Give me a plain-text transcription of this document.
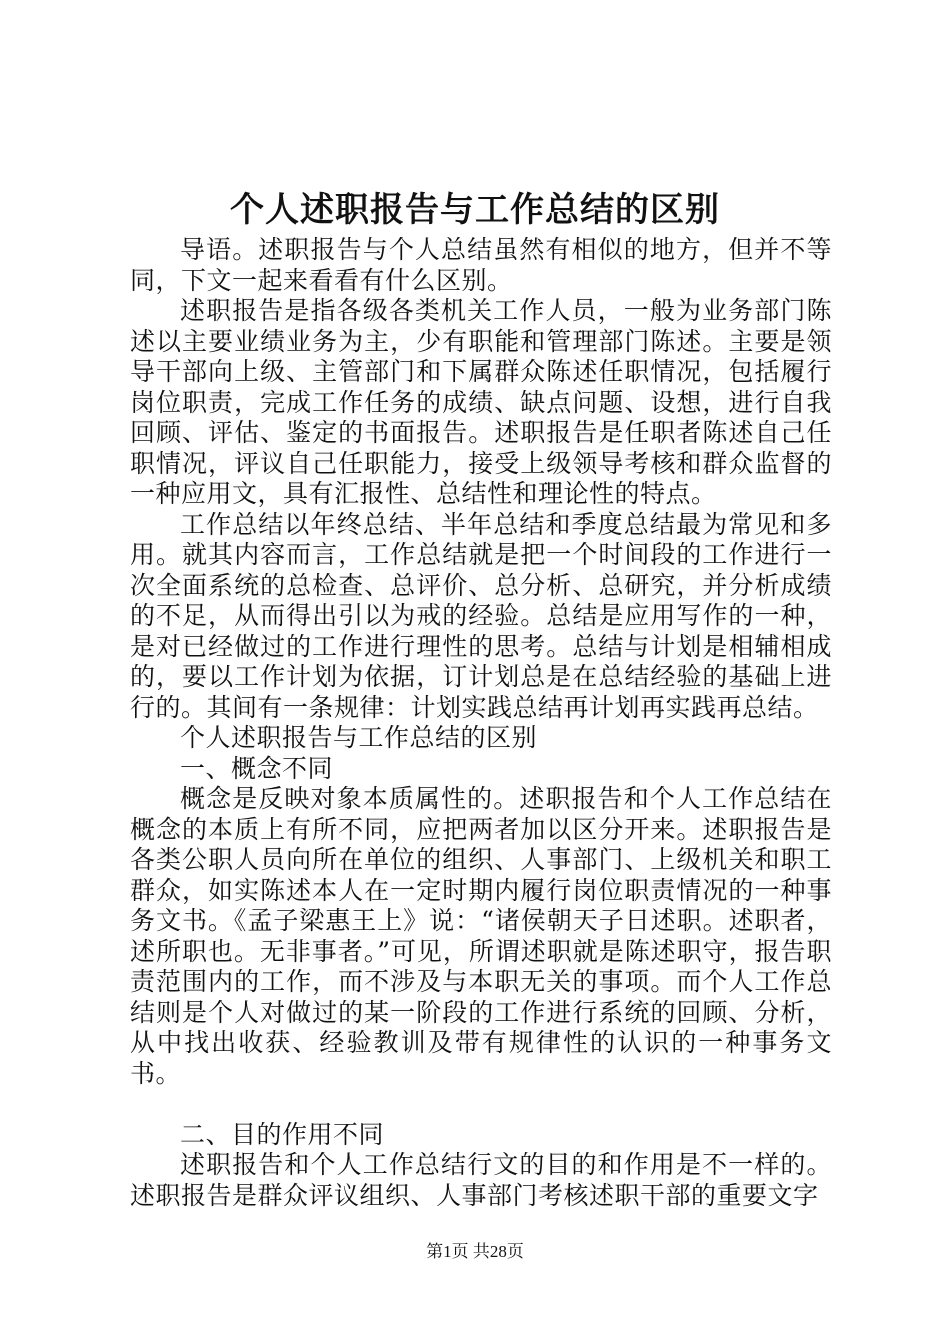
个人述职报告与工作总结的区别

导语。述职报告与个人总结虽然有相似的地方，但并不等同，下文一起来看看有什么区别。

述职报告是指各级各类机关工作人员，一般为业务部门陈述以主要业绩业务为主，少有职能和管理部门陈述。主要是领导干部向上级、主管部门和下属群众陈述任职情况，包括履行岗位职责，完成工作任务的成绩、缺点问题、设想，进行自我回顾、评估、鉴定的书面报告。述职报告是任职者陈述自己任职情况，评议自己任职能力，接受上级领导考核和群众监督的一种应用文，具有汇报性、总结性和理论性的特点。

工作总结以年终总结、半年总结和季度总结最为常见和多用。就其内容而言，工作总结就是把一个时间段的工作进行一次全面系统的总检查、总评价、总分析、总研究，并分析成绩的不足，从而得出引以为戒的经验。总结是应用写作的一种，是对已经做过的工作进行理性的思考。总结与计划是相辅相成的，要以工作计划为依据，订计划总是在总结经验的基础上进行的。其间有一条规律：计划实践总结再计划再实践再总结。

个人述职报告与工作总结的区别

一、概念不同

概念是反映对象本质属性的。述职报告和个人工作总结在概念的本质上有所不同，应把两者加以区分开来。述职报告是各类公职人员向所在单位的组织、人事部门、上级机关和职工群众，如实陈述本人在一定时期内履行岗位职责情况的一种事务文书。《孟子梁惠王上》说：“诸侯朝天子日述职。述职者，述所职也。无非事者。”可见，所谓述职就是陈述职守，报告职责范围内的工作，而不涉及与本职无关的事项。而个人工作总结则是个人对做过的某一阶段的工作进行系统的回顾、分析，从中找出收获、经验教训及带有规律性的认识的一种事务文书。

二、目的作用不同

述职报告和个人工作总结行文的目的和作用是不一样的。述职报告是群众评议组织、人事部门考核述职干部的重要文字

第1页 共28页
